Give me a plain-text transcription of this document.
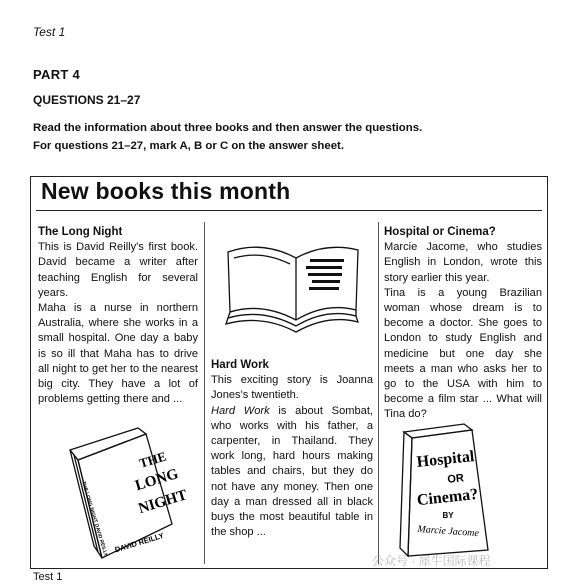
Test 1
PART 4
QUESTIONS 21–27
Read the information about three books and then answer the questions.
For questions 21–27, mark A, B or C on the answer sheet.
New books this month
The Long Night

This is David Reilly's first book. David became a writer after teaching English for several years.

Maha is a nurse in northern Australia, where she works in a small hospital. One day a baby is so ill that Maha has to drive all night to get her to the nearest big city. They have a lot of problems getting there and ...

THE
LONG
NIGHT
DAVID REILLY
THE LONG NIGHT DAVID REILLY
Hard Work

This exciting story is Joanna Jones's twentieth.

Hard Work is about Sombat, who works with his father, a carpenter, in Thailand. They work long, hard hours making tables and chairs, but they do not have any money. Then one day a man dressed all in black buys the most beautiful table in the shop ...

Hospital or Cinema?

Marcie Jacome, who studies English in London, wrote this story earlier this year.

Tina is a young Brazilian woman whose dream is to become a doctor. She goes to London to study English and medicine but one day she meets a man who asks her to go to the USA with him to become a film star ... What will Tina do?

Hospital
OR
Cinema?
BY
Marcie Jacome
Test 1
公众号 · 犀牛国际课程
